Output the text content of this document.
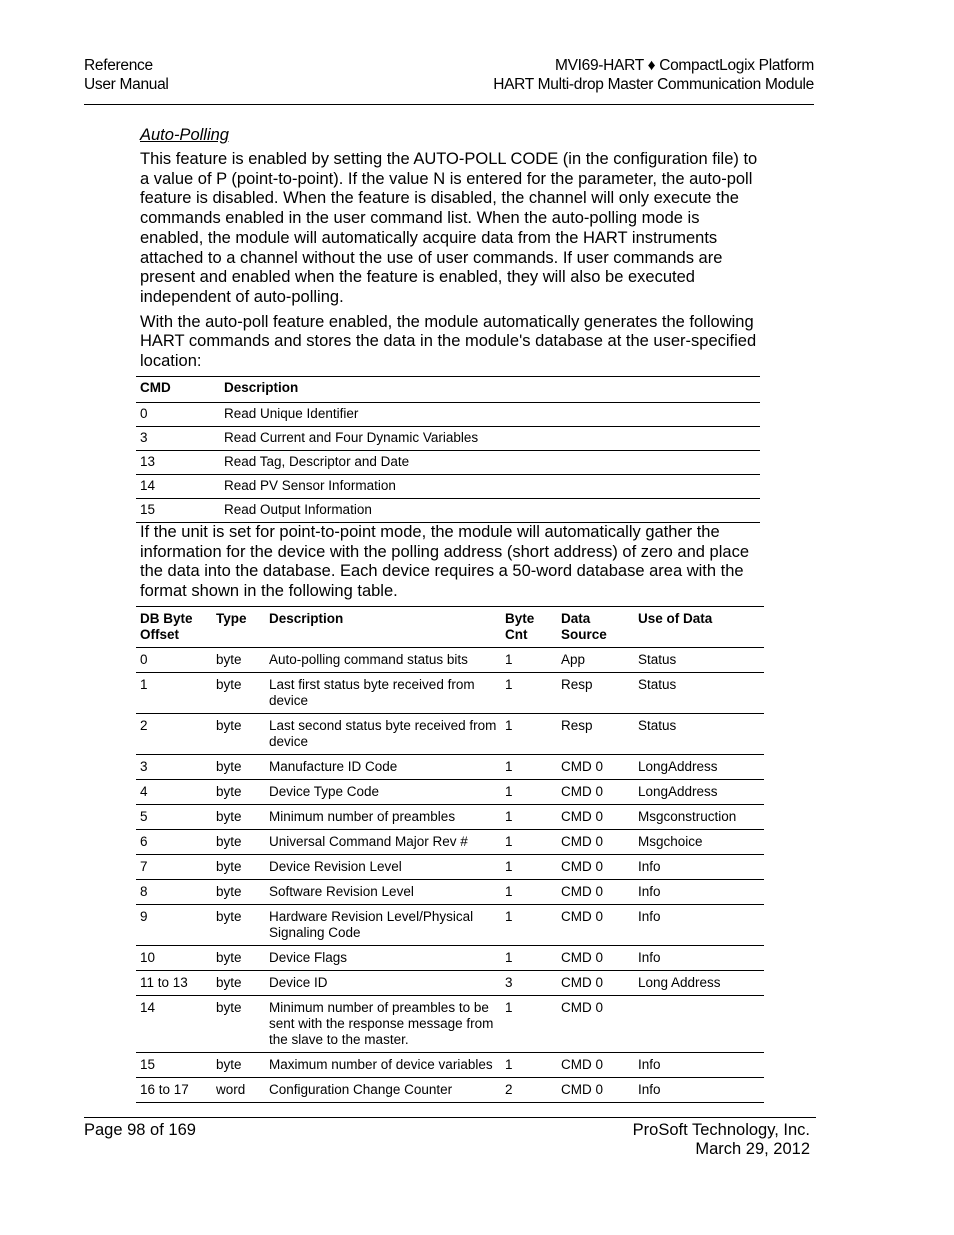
Reference
User Manual
MVI69-HART ♦ CompactLogix Platform
HART Multi-drop Master Communication Module
Auto-Polling

This feature is enabled by setting the AUTO-POLL CODE (in the configuration file) to a value of P (point-to-point). If the value N is entered for the parameter, the auto-poll feature is disabled. When the feature is disabled, the channel will only execute the commands enabled in the user command list. When the auto-polling mode is enabled, the module will automatically acquire data from the HART instruments attached to a channel without the use of user commands. If user commands are present and enabled when the feature is enabled, they will also be executed independent of auto-polling.

With the auto-poll feature enabled, the module automatically generates the following HART commands and stores the data in the module's database at the user-specified location:

CMD	Description
0	Read Unique Identifier
3	Read Current and Four Dynamic Variables
13	Read Tag, Descriptor and Date
14	Read PV Sensor Information
15	Read Output Information

If the unit is set for point-to-point mode, the module will automatically gather the information for the device with the polling address (short address) of zero and place the data into the database. Each device requires a 50-word database area with the format shown in the following table.

DB Byte Offset	Type	Description	Byte Cnt	Data Source	Use of Data
0	byte	Auto-polling command status bits	1	App	Status
1	byte	Last first status byte received from device	1	Resp	Status
2	byte	Last second status byte received from device	1	Resp	Status
3	byte	Manufacture ID Code	1	CMD 0	LongAddress
4	byte	Device Type Code	1	CMD 0	LongAddress
5	byte	Minimum number of preambles	1	CMD 0	Msgconstruction
6	byte	Universal Command Major Rev #	1	CMD 0	Msgchoice
7	byte	Device Revision Level	1	CMD 0	Info
8	byte	Software Revision Level	1	CMD 0	Info
9	byte	Hardware Revision Level/Physical Signaling Code	1	CMD 0	Info
10	byte	Device Flags	1	CMD 0	Info
11 to 13	byte	Device ID	3	CMD 0	Long Address
14	byte	Minimum number of preambles to be sent with the response message from the slave to the master.	1	CMD 0	
15	byte	Maximum number of device variables	1	CMD 0	Info
16 to 17	word	Configuration Change Counter	2	CMD 0	Info
Page 98 of 169	ProSoft Technology, Inc.
March 29, 2012
